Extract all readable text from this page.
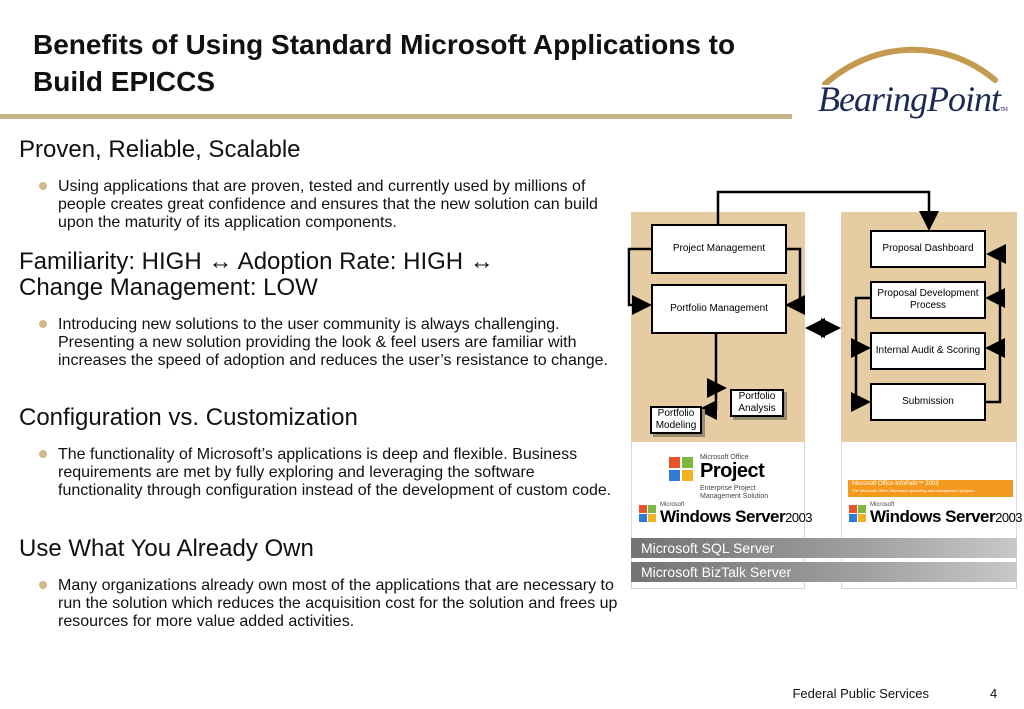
Benefits of Using Standard Microsoft Applications to Build EPICCS	BearingPointTM
Proven, Reliable, Scalable
Using applications that are proven, tested and currently used by millions of people creates great confidence and ensures that the new solution can build upon the maturity of its application components.
Familiarity: HIGH ↔ Adoption Rate: HIGH ↔ Change Management: LOW
Introducing new solutions to the user community is always challenging. Presenting a new solution providing the look & feel users are familiar with increases the speed of adoption and reduces the user’s resistance to change.
Configuration vs. Customization
The functionality of Microsoft’s applications is deep and flexible. Business requirements are met by fully exploring and leveraging the software functionality through configuration instead of the development of custom code.
Use What You Already Own
Many organizations already own most of the applications that are necessary to run the solution which reduces the acquisition cost for the solution and frees up resources for more value added activities.
Project Management
Portfolio Management
Portfolio Analysis
Portfolio Modeling
Proposal Dashboard
Proposal Development Process
Internal Audit & Scoring
Submission
Microsoft Office
Project
Enterprise Project
Management Solution
Microsoft
Windows Server2003
Microsoft Office InfoPath™ 2003
The Microsoft Office information gathering and management program
Microsoft
Windows Server2003
Microsoft SQL Server
Microsoft BizTalk Server
Federal Public Services	4
